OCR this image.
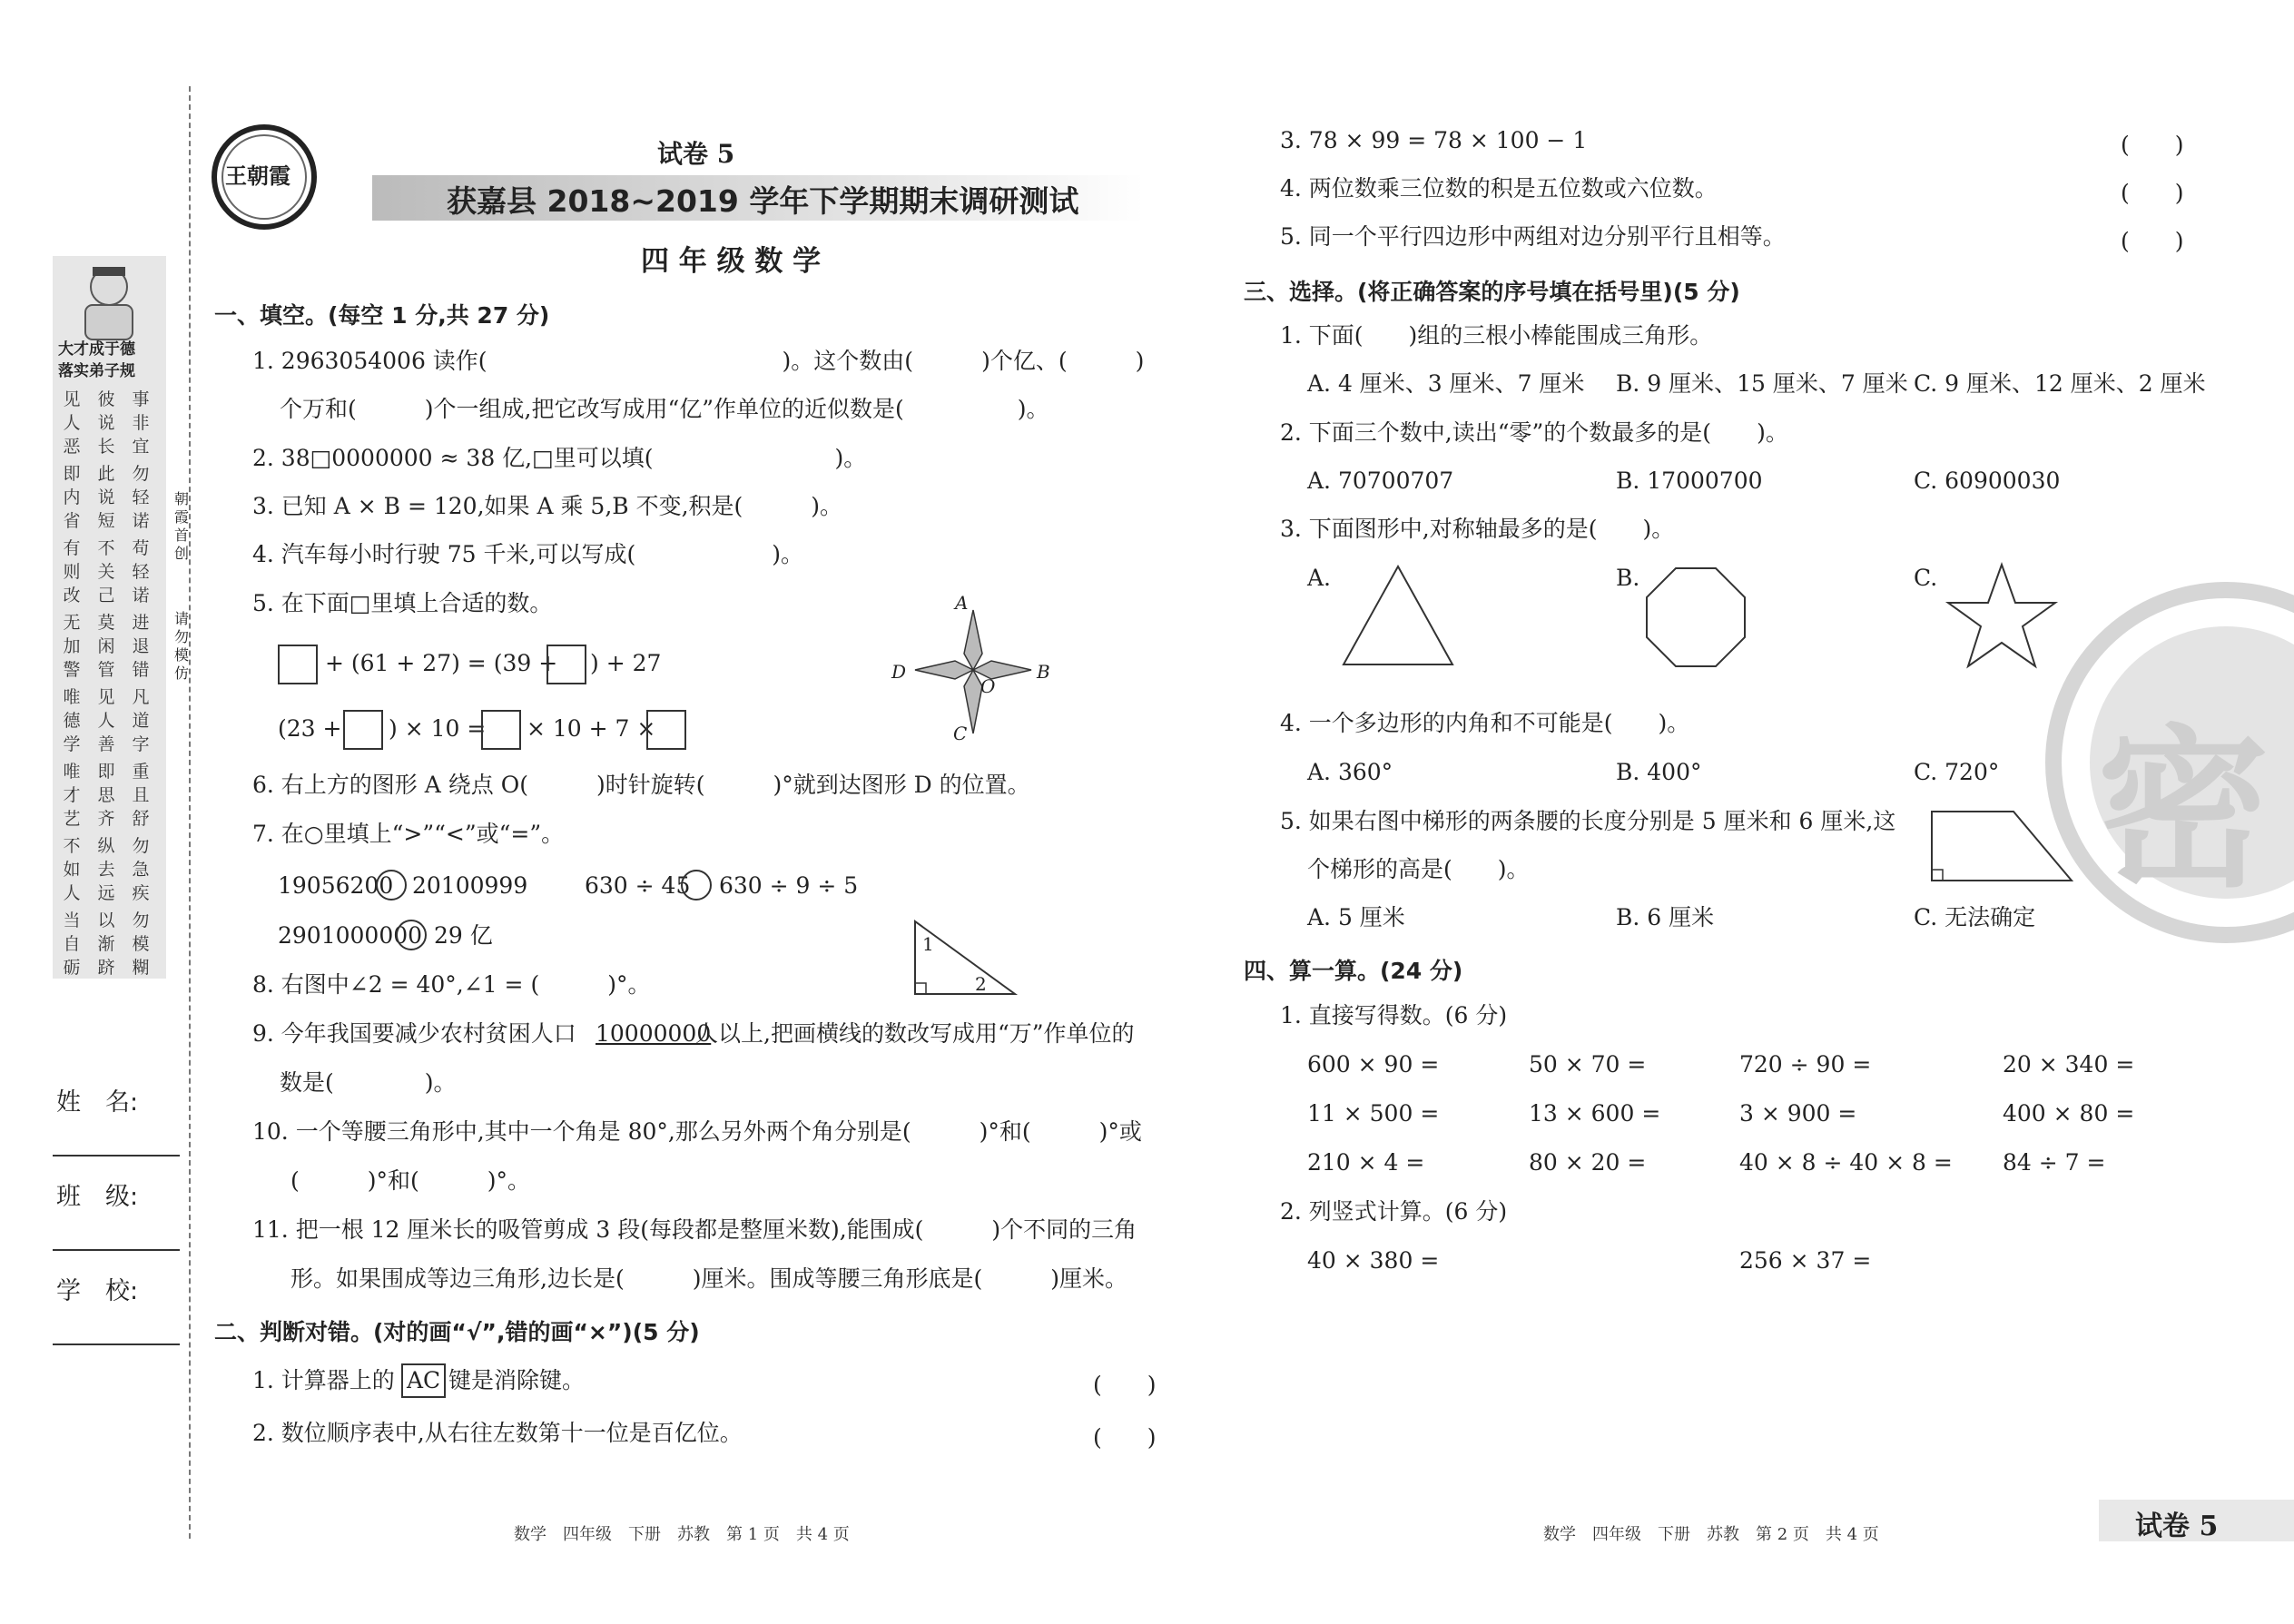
大才成于德
落实弟子规
见人恶
彼说长
事非宜
即内省
此说短
勿轻诺
有则改
不关己
苟轻诺
无加警
莫闲管
进退错
唯德学
见人善
凡道字
唯才艺
即思齐
重且舒
不如人
纵去远
勿急疾
当自砺
以渐跻
勿模糊
朝霞首创
请勿模仿
姓　名:
班　级:
学　校:
王朝霞
试卷 5
获嘉县 2018~2019 学年下学期期末调研测试
四 年 级 数 学
一、填空。(每空 1 分,共 27 分)
1. 2963054006 读作(　　　　　　　　　　　　　)。这个数由(　　　)个亿、(　　　)
个万和(　　　)个一组成,把它改写成用“亿”作单位的近似数是(　　　　　)。
2. 38□0000000 ≈ 38 亿,□里可以填(　　　　　　　　)。
3. 已知 A × B = 120,如果 A 乘 5,B 不变,积是(　　　)。
4. 汽车每小时行驶 75 千米,可以写成(　　　　　　)。
5. 在下面□里填上合适的数。
+ (61 + 27) = (39 + ) + 27
(23 + ) × 10 = × 10 + 7 ×
A
B
C
D
O
6. 右上方的图形 A 绕点 O(　　　)时针旋转(　　　)°就到达图形 D 的位置。
7. 在○里填上“>”“<”或“=”。
19056200 20100999	630 ÷ 45 630 ÷ 9 ÷ 5
2901000000 29 亿	1
2
8. 右图中∠2 = 40°,∠1 = (　　　)°。
9. 今年我国要减少农村贫困人口 10000000
人以上,把画横线的数改写成用“万”作单位的
数是(　　　　)。
10. 一个等腰三角形中,其中一个角是 80°,那么另外两个角分别是(　　　)°和(　　　)°或
(　　　)°和(　　　)°。
11. 把一根 12 厘米长的吸管剪成 3 段(每段都是整厘米数),能围成(　　　)个不同的三角
形。如果围成等边三角形,边长是(　　　)厘米。围成等腰三角形底是(　　　)厘米。
二、判断对错。(对的画“√”,错的画“×”)(5 分)
1. 计算器上的 AC 键是消除键。	(　　)
2. 数位顺序表中,从右往左数第十一位是百亿位。	(　　)
3. 78 × 99 = 78 × 100 − 1	(　　)
4. 两位数乘三位数的积是五位数或六位数。	(　　)
5. 同一个平行四边形中两组对边分别平行且相等。	(　　)
三、选择。(将正确答案的序号填在括号里)(5 分)
1. 下面(　　)组的三根小棒能围成三角形。
A. 4 厘米、3 厘米、7 厘米 B. 9 厘米、15 厘米、7 厘米 C. 9 厘米、12 厘米、2 厘米
2. 下面三个数中,读出“零”的个数最多的是(　　)。
A. 70700707	B. 17000700	C. 60900030
3. 下面图形中,对称轴最多的是(　　)。
A.	B.	C.
4. 一个多边形的内角和不可能是(　　)。
A. 360°	B. 400°	C. 720°
5. 如果右图中梯形的两条腰的长度分别是 5 厘米和 6 厘米,这
个梯形的高是(　　)。
A. 5 厘米	B. 6 厘米	C. 无法确定
密
四、算一算。(24 分)
1. 直接写得数。(6 分)
600 × 90 =	50 × 70 =	720 ÷ 90 =	20 × 340 =
11 × 500 =	13 × 600 =	3 × 900 =	400 × 80 =
210 × 4 =	80 × 20 =	40 × 8 ÷ 40 × 8 = 84 ÷ 7 =
2. 列竖式计算。(6 分)
40 × 380 =	256 × 37 =
数学　四年级　下册　苏教　第 1 页　共 4 页	数学　四年级　下册　苏教　第 2 页　共 4 页	试卷 5
